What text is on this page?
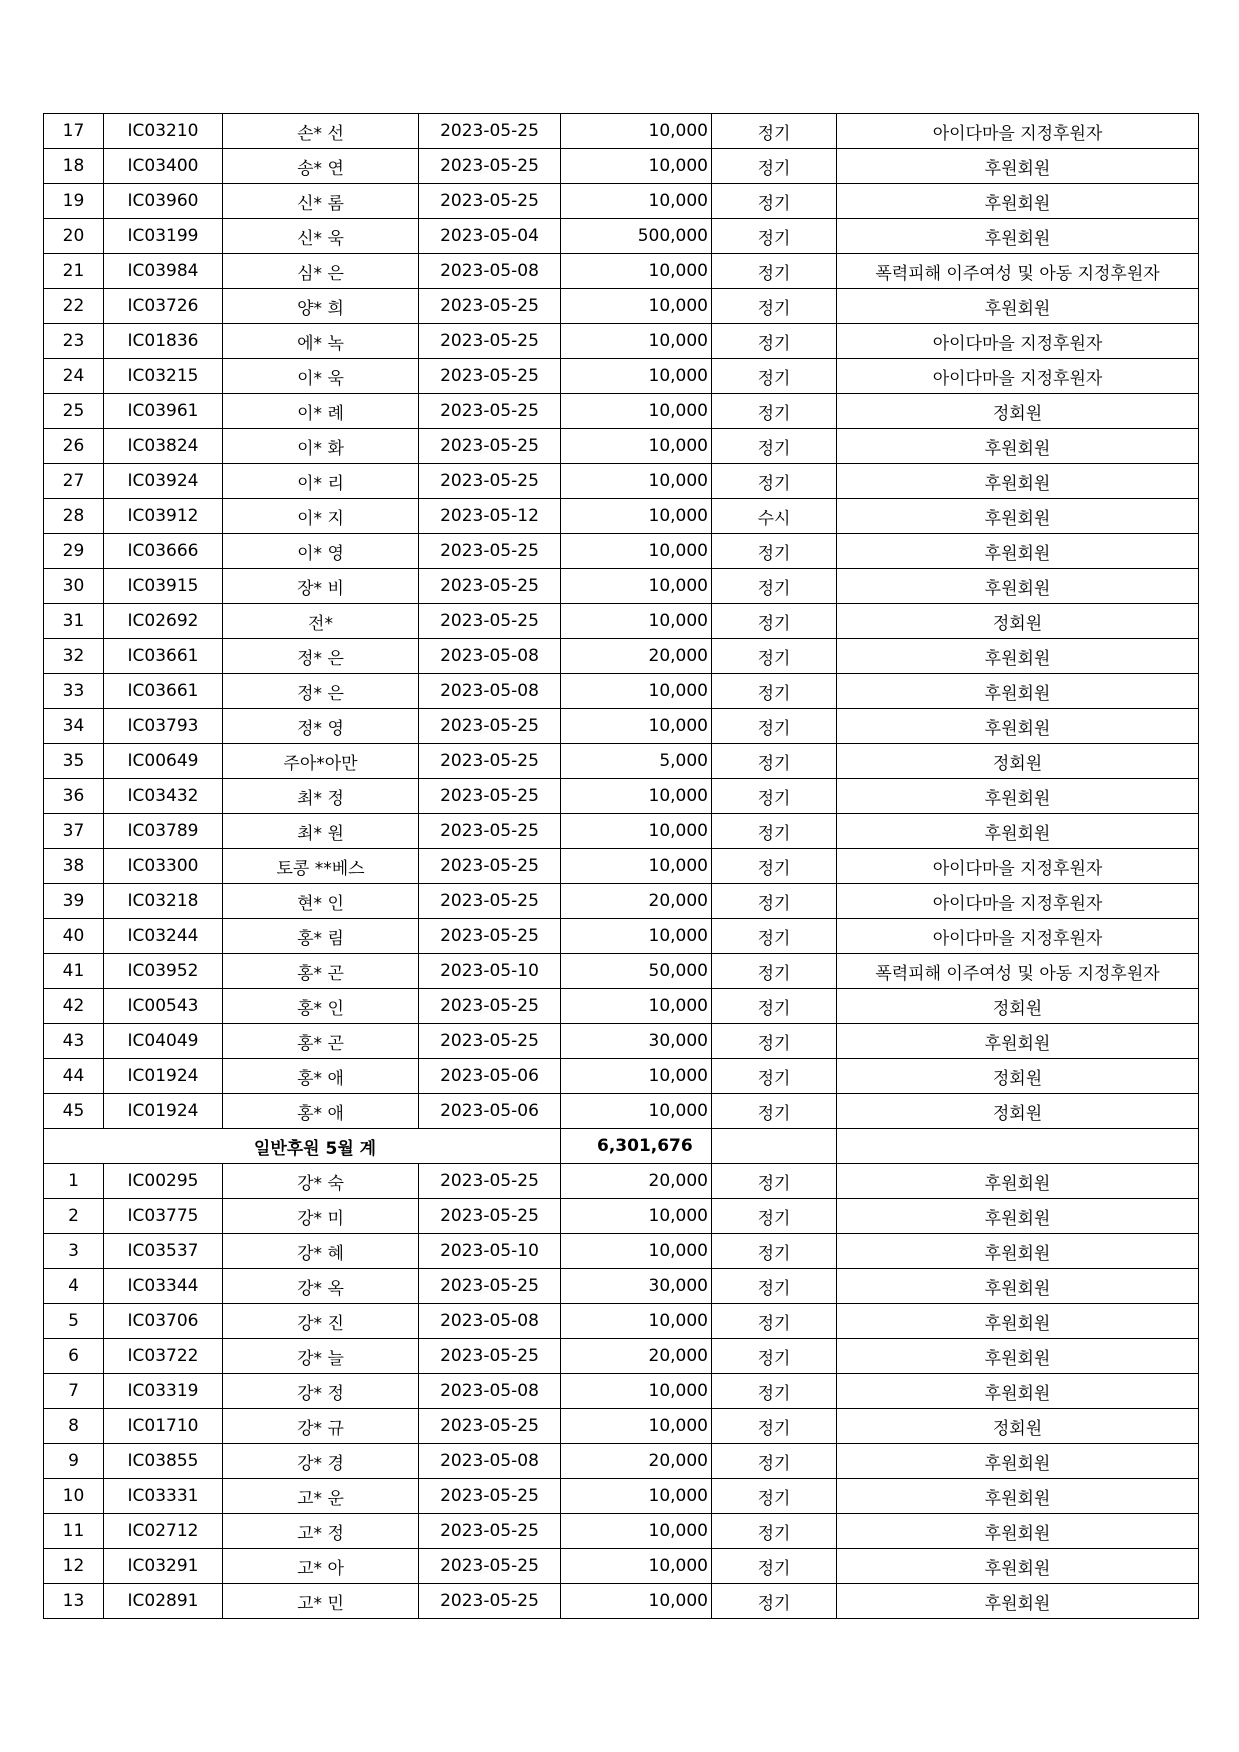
17	IC03210	손* 선	2023-05-25	10,000	정기	아이다마을 지정후원자
18	IC03400	송* 연	2023-05-25	10,000	정기	후원회원
19	IC03960	신* 롬	2023-05-25	10,000	정기	후원회원
20	IC03199	신* 욱	2023-05-04	500,000	정기	후원회원
21	IC03984	심* 은	2023-05-08	10,000	정기	폭력피해 이주여성 및 아동 지정후원자
22	IC03726	양* 희	2023-05-25	10,000	정기	후원회원
23	IC01836	에* 녹	2023-05-25	10,000	정기	아이다마을 지정후원자
24	IC03215	이* 욱	2023-05-25	10,000	정기	아이다마을 지정후원자
25	IC03961	이* 례	2023-05-25	10,000	정기	정회원
26	IC03824	이* 화	2023-05-25	10,000	정기	후원회원
27	IC03924	이* 리	2023-05-25	10,000	정기	후원회원
28	IC03912	이* 지	2023-05-12	10,000	수시	후원회원
29	IC03666	이* 영	2023-05-25	10,000	정기	후원회원
30	IC03915	장* 비	2023-05-25	10,000	정기	후원회원
31	IC02692	전*	2023-05-25	10,000	정기	정회원
32	IC03661	정* 은	2023-05-08	20,000	정기	후원회원
33	IC03661	정* 은	2023-05-08	10,000	정기	후원회원
34	IC03793	정* 영	2023-05-25	10,000	정기	후원회원
35	IC00649	주아*아만	2023-05-25	5,000	정기	정회원
36	IC03432	최* 정	2023-05-25	10,000	정기	후원회원
37	IC03789	최* 원	2023-05-25	10,000	정기	후원회원
38	IC03300	토콩 **베스	2023-05-25	10,000	정기	아이다마을 지정후원자
39	IC03218	현* 인	2023-05-25	20,000	정기	아이다마을 지정후원자
40	IC03244	홍* 림	2023-05-25	10,000	정기	아이다마을 지정후원자
41	IC03952	홍* 곤	2023-05-10	50,000	정기	폭력피해 이주여성 및 아동 지정후원자
42	IC00543	홍* 인	2023-05-25	10,000	정기	정회원
43	IC04049	홍* 곤	2023-05-25	30,000	정기	후원회원
44	IC01924	홍* 애	2023-05-06	10,000	정기	정회원
45	IC01924	홍* 애	2023-05-06	10,000	정기	정회원
일반후원 5월 계				6,301,676		
1	IC00295	강* 숙	2023-05-25	20,000	정기	후원회원
2	IC03775	강* 미	2023-05-25	10,000	정기	후원회원
3	IC03537	강* 혜	2023-05-10	10,000	정기	후원회원
4	IC03344	강* 옥	2023-05-25	30,000	정기	후원회원
5	IC03706	강* 진	2023-05-08	10,000	정기	후원회원
6	IC03722	강* 늘	2023-05-25	20,000	정기	후원회원
7	IC03319	강* 정	2023-05-08	10,000	정기	후원회원
8	IC01710	강* 규	2023-05-25	10,000	정기	정회원
9	IC03855	강* 경	2023-05-08	20,000	정기	후원회원
10	IC03331	고* 운	2023-05-25	10,000	정기	후원회원
11	IC02712	고* 정	2023-05-25	10,000	정기	후원회원
12	IC03291	고* 아	2023-05-25	10,000	정기	후원회원
13	IC02891	고* 민	2023-05-25	10,000	정기	후원회원
